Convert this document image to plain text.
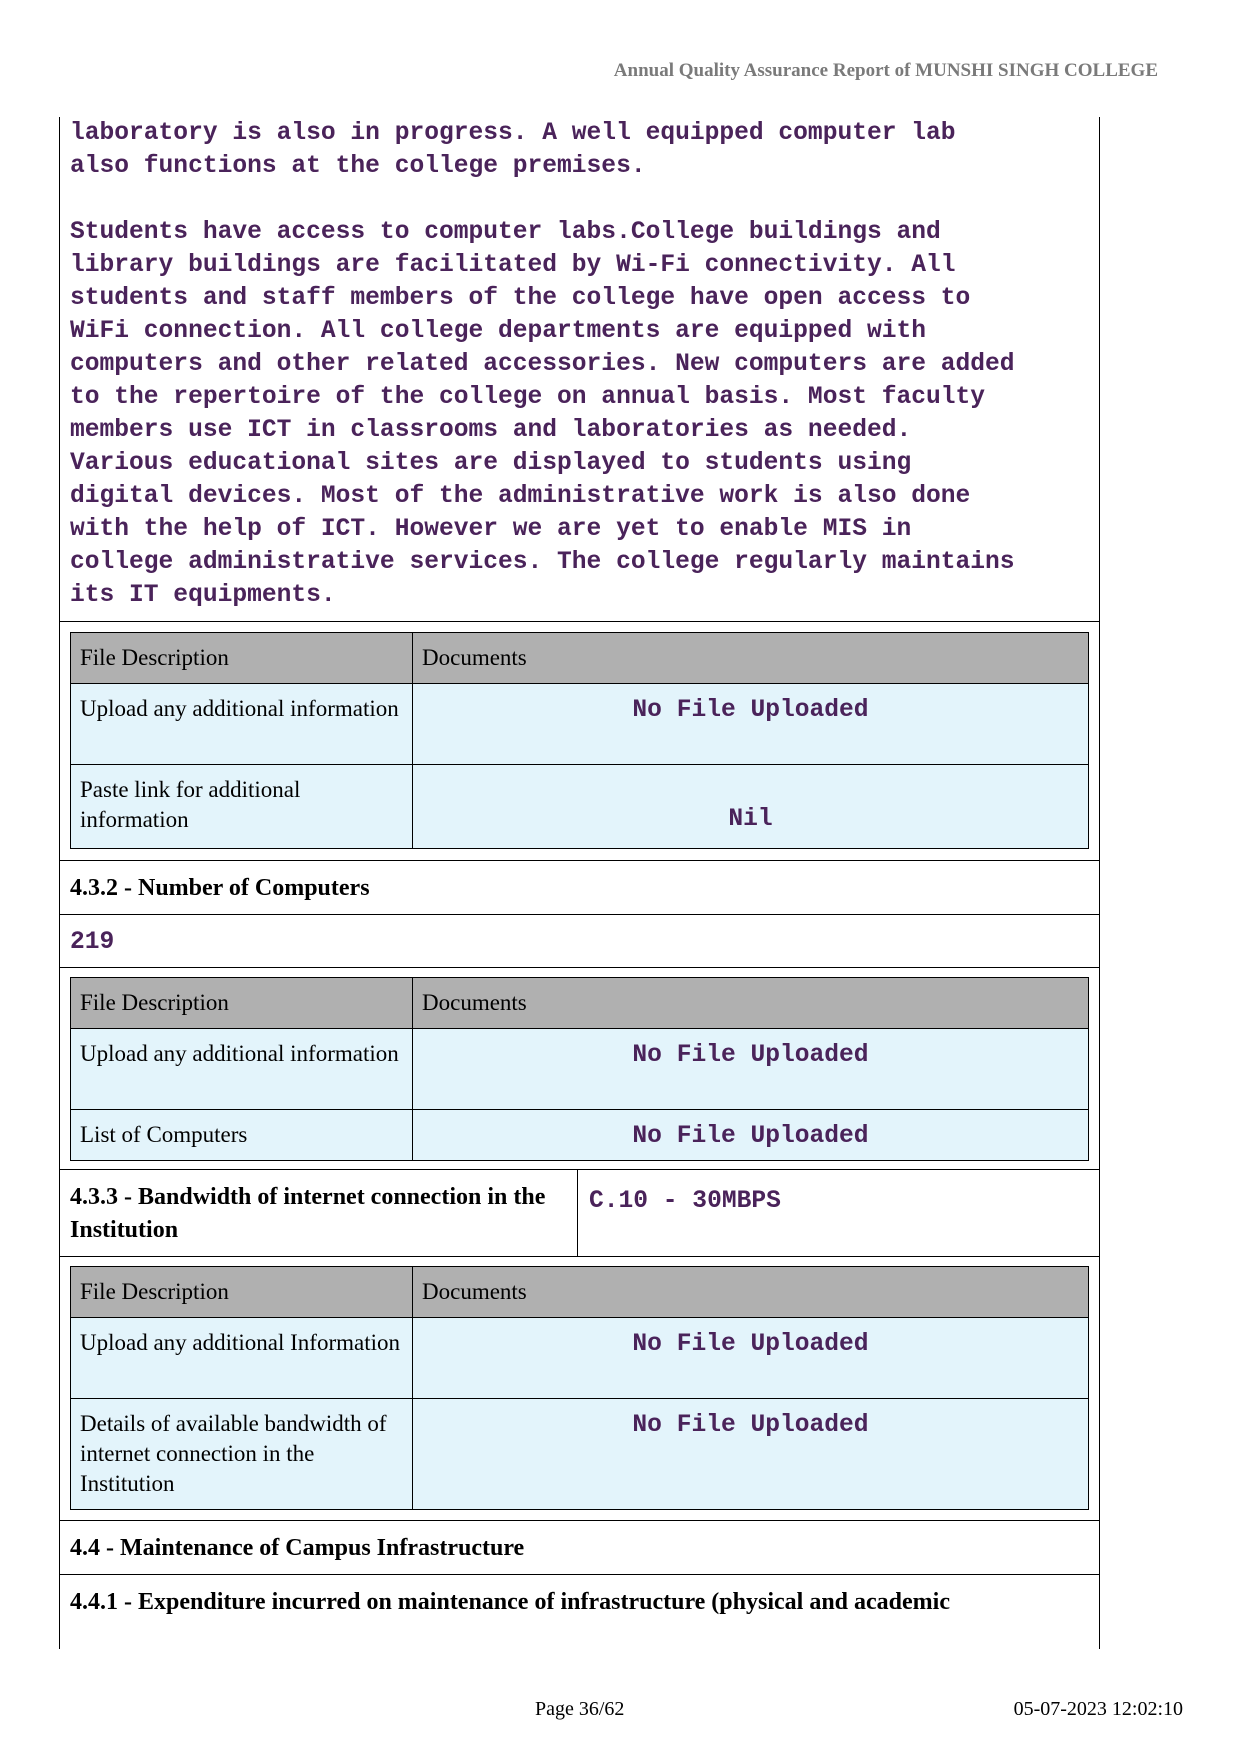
Annual Quality Assurance Report of MUNSHI SINGH COLLEGE
laboratory is also in progress. A well equipped computer lab
also functions at the college premises.

Students have access to computer labs.College buildings and
library buildings are facilitated by Wi-Fi connectivity. All
students and staff members of the college have open access to
WiFi connection. All college departments are equipped with
computers and other related accessories. New computers are added
to the repertoire of the college on annual basis. Most faculty
members use ICT in classrooms and laboratories as needed.
Various educational sites are displayed to students using
digital devices. Most of the administrative work is also done
with the help of ICT. However we are yet to enable MIS in
college administrative services. The college regularly maintains
its IT equipments.
File Description	Documents
Upload any additional information	No File Uploaded
Paste link for additional information	Nil
4.3.2 - Number of Computers
219
File Description	Documents
Upload any additional information	No File Uploaded
List of Computers	No File Uploaded
4.3.3 - Bandwidth of internet connection in the Institution
C.10 - 30MBPS
File Description	Documents
Upload any additional Information	No File Uploaded
Details of available bandwidth of internet connection in the Institution	No File Uploaded
4.4 - Maintenance of Campus Infrastructure
4.4.1 - Expenditure incurred on maintenance of infrastructure (physical and academic
Page 36/62	05-07-2023 12:02:10
